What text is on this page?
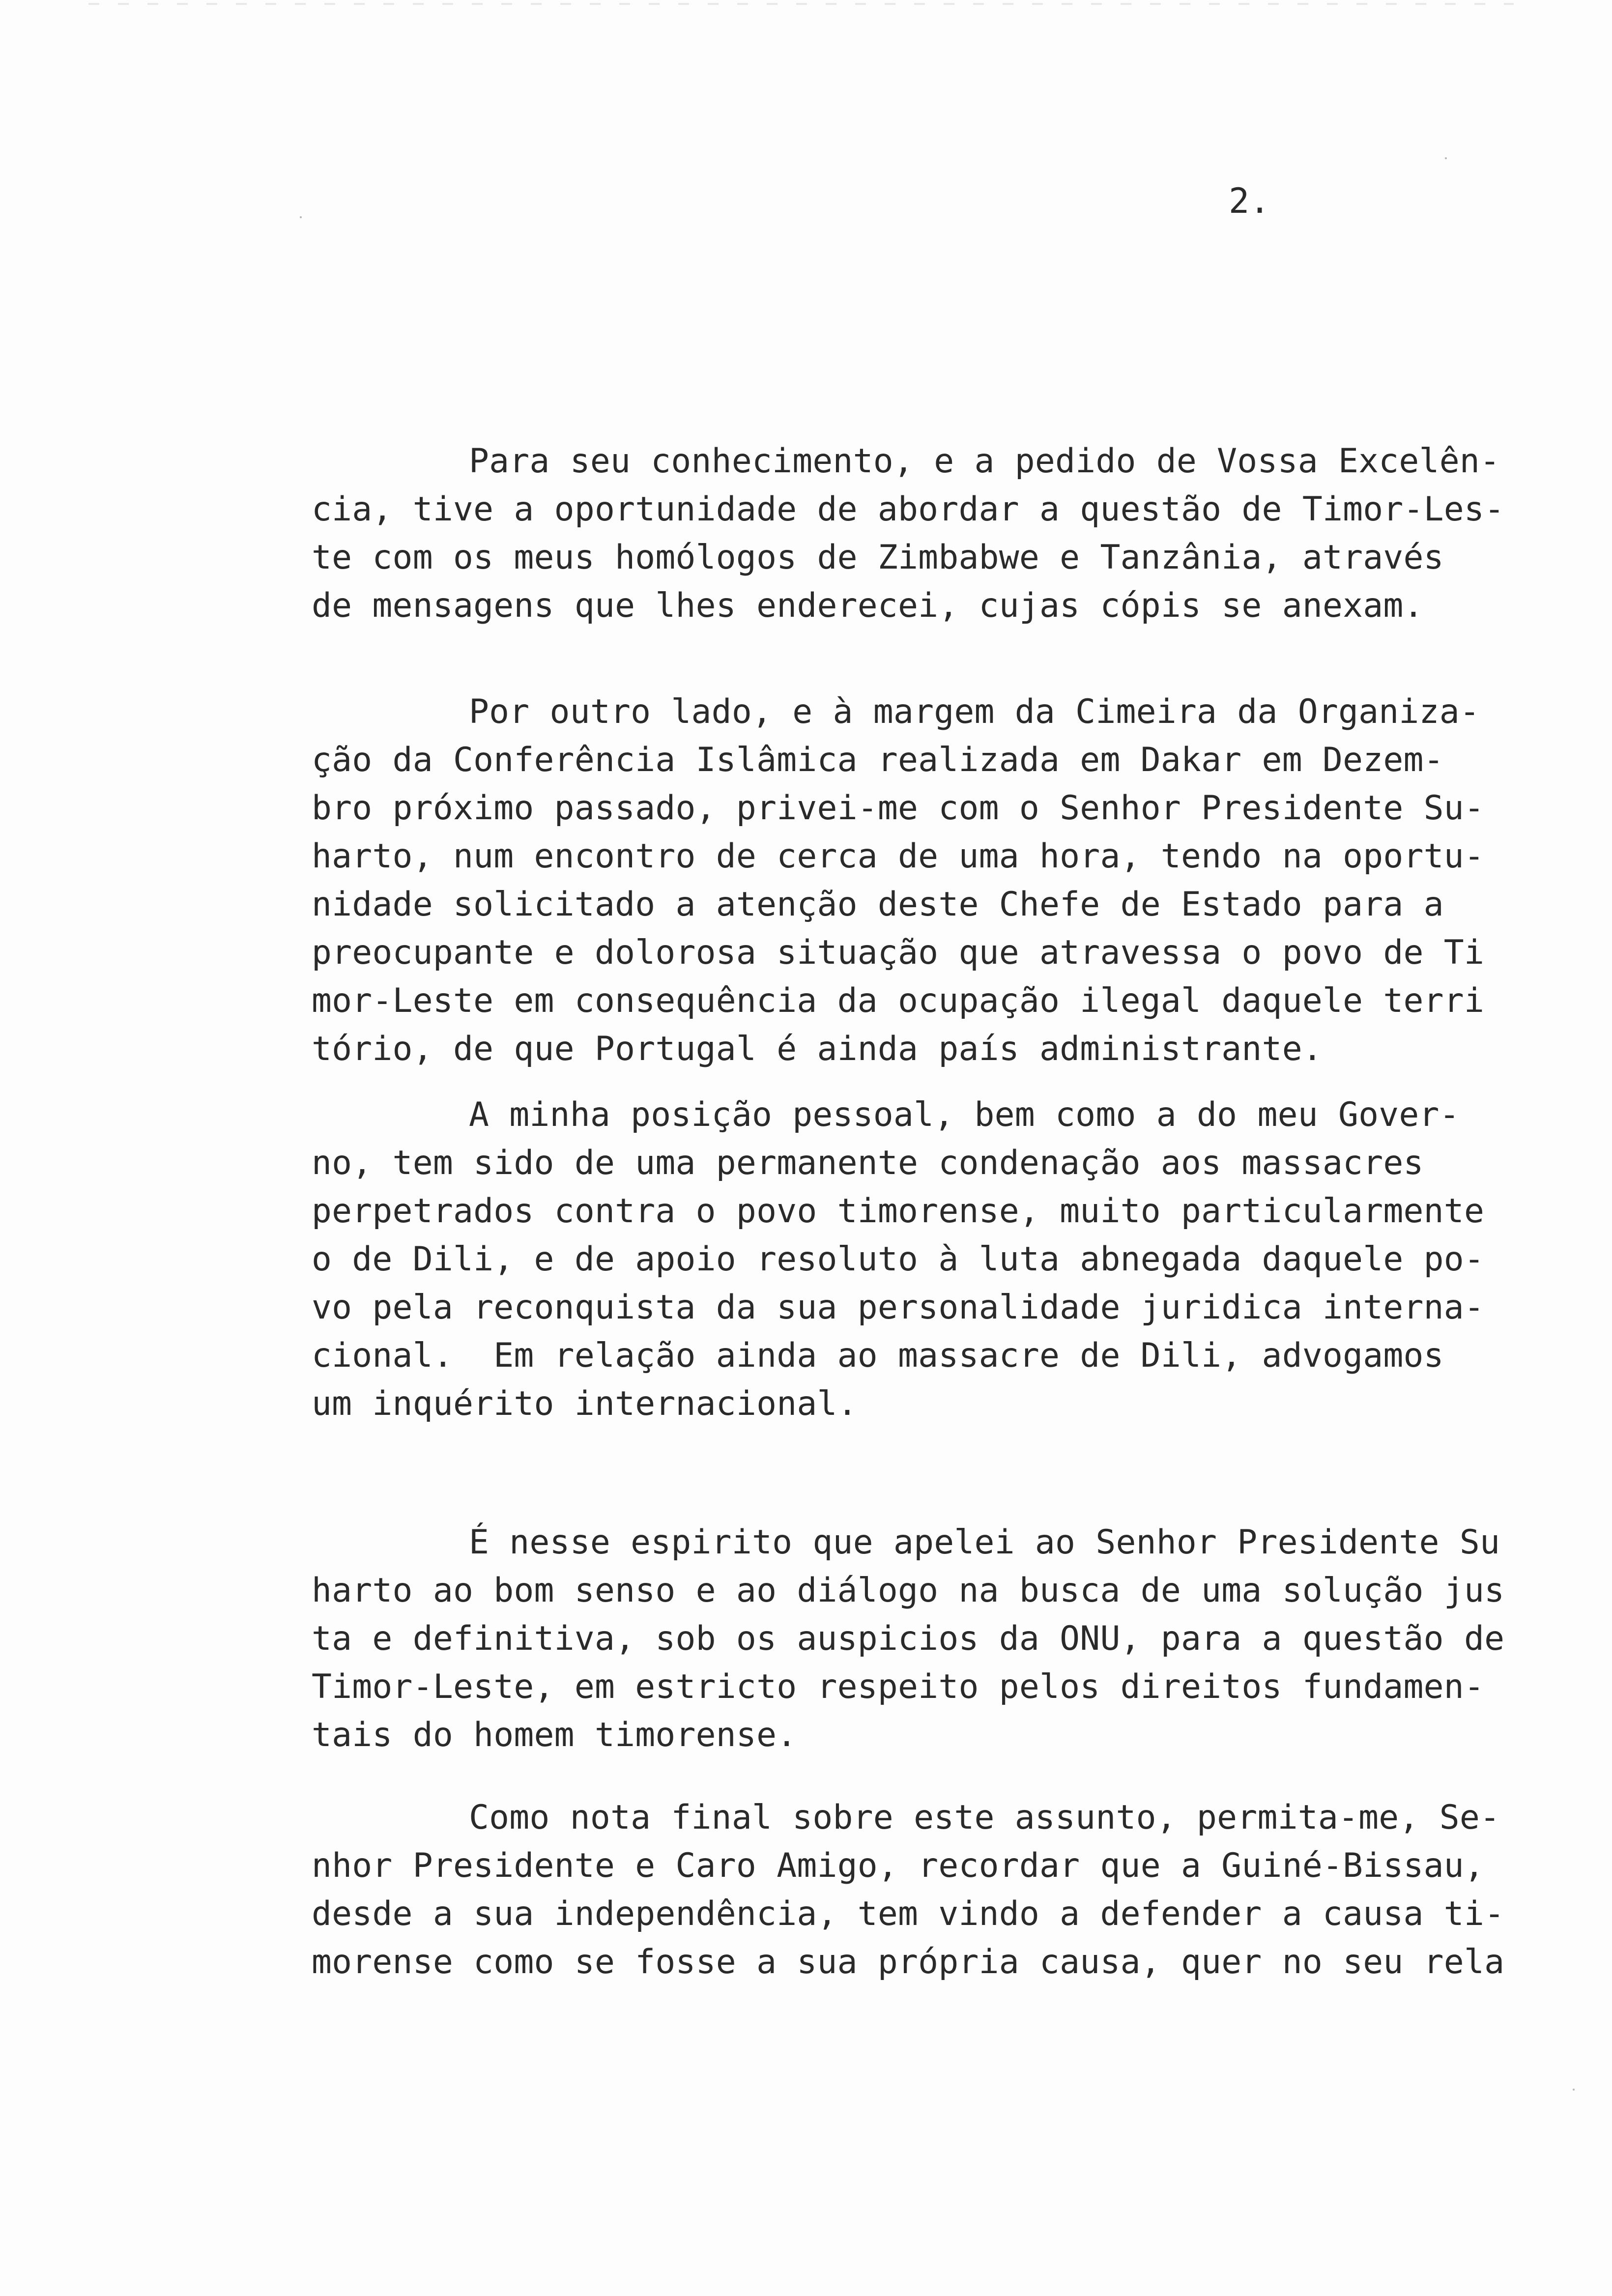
2.

Para seu conhecimento, e a pedido de Vossa Excelên-
cia, tive a oportunidade de abordar a questão de Timor-Les-
te com os meus homólogos de Zimbabwe e Tanzânia, através
de mensagens que lhes enderecei, cujas cópis se anexam.

Por outro lado, e à margem da Cimeira da Organiza-
ção da Conferência Islâmica realizada em Dakar em Dezem-
bro próximo passado, privei-me com o Senhor Presidente Su-
harto, num encontro de cerca de uma hora, tendo na oportu-
nidade solicitado a atenção deste Chefe de Estado para a
preocupante e dolorosa situação que atravessa o povo de Ti
mor-Leste em consequência da ocupação ilegal daquele terri
tório, de que Portugal é ainda país administrante.

A minha posição pessoal, bem como a do meu Gover-
no, tem sido de uma permanente condenação aos massacres
perpetrados contra o povo timorense, muito particularmente
o de Dili, e de apoio resoluto à luta abnegada daquele po-
vo pela reconquista da sua personalidade juridica interna-
cional.  Em relação ainda ao massacre de Dili, advogamos
um inquérito internacional.

É nesse espirito que apelei ao Senhor Presidente Su
harto ao bom senso e ao diálogo na busca de uma solução jus
ta e definitiva, sob os auspicios da ONU, para a questão de
Timor-Leste, em estricto respeito pelos direitos fundamen-
tais do homem timorense.

Como nota final sobre este assunto, permita-me, Se-
nhor Presidente e Caro Amigo, recordar que a Guiné-Bissau,
desde a sua independência, tem vindo a defender a causa ti-
morense como se fosse a sua própria causa, quer no seu rela
